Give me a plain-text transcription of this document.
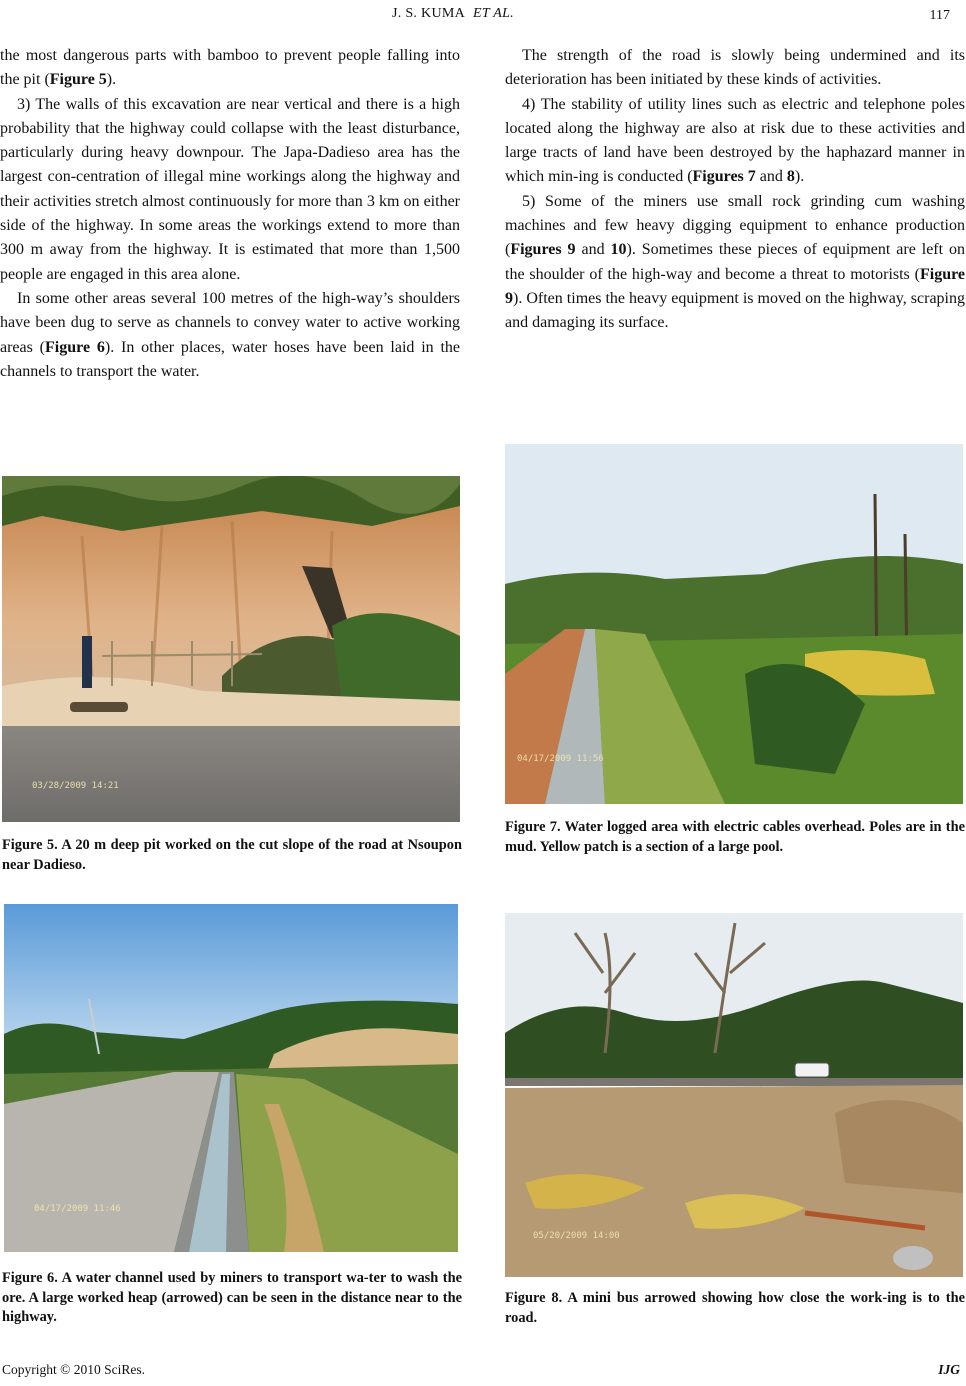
J. S. KUMA ET AL.	117

the most dangerous parts with bamboo to prevent people falling into the pit (Figure 5).

3) The walls of this excavation are near vertical and there is a high probability that the highway could collapse with the least disturbance, particularly during heavy downpour. The Japa-Dadieso area has the largest con-centration of illegal mine workings along the highway and their activities stretch almost continuously for more than 3 km on either side of the highway. In some areas the workings extend to more than 300 m away from the highway. It is estimated that more than 1,500 people are engaged in this area alone.

In some other areas several 100 metres of the high-way’s shoulders have been dug to serve as channels to convey water to active working areas (Figure 6). In other places, water hoses have been laid in the channels to transport the water.

The strength of the road is slowly being undermined and its deterioration has been initiated by these kinds of activities.

4) The stability of utility lines such as electric and telephone poles located along the highway are also at risk due to these activities and large tracts of land have been destroyed by the haphazard manner in which min-ing is conducted (Figures 7 and 8).

5) Some of the miners use small rock grinding cum washing machines and few heavy digging equipment to enhance production (Figures 9 and 10). Sometimes these pieces of equipment are left on the shoulder of the high-way and become a threat to motorists (Figure 9). Often times the heavy equipment is moved on the highway, scraping and damaging its surface.

03/28/2009 14:21
Figure 5. A 20 m deep pit worked on the cut slope of the road at Nsoupon near Dadieso.
04/17/2009 11:46
Figure 6. A water channel used by miners to transport wa-ter to wash the ore. A large worked heap (arrowed) can be seen in the distance near to the highway.
04/17/2009 11:56
Figure 7. Water logged area with electric cables overhead. Poles are in the mud. Yellow patch is a section of a large pool.
05/20/2009 14:00
Figure 8. A mini bus arrowed showing how close the work-ing is to the road.
Copyright © 2010 SciRes.	IJG
